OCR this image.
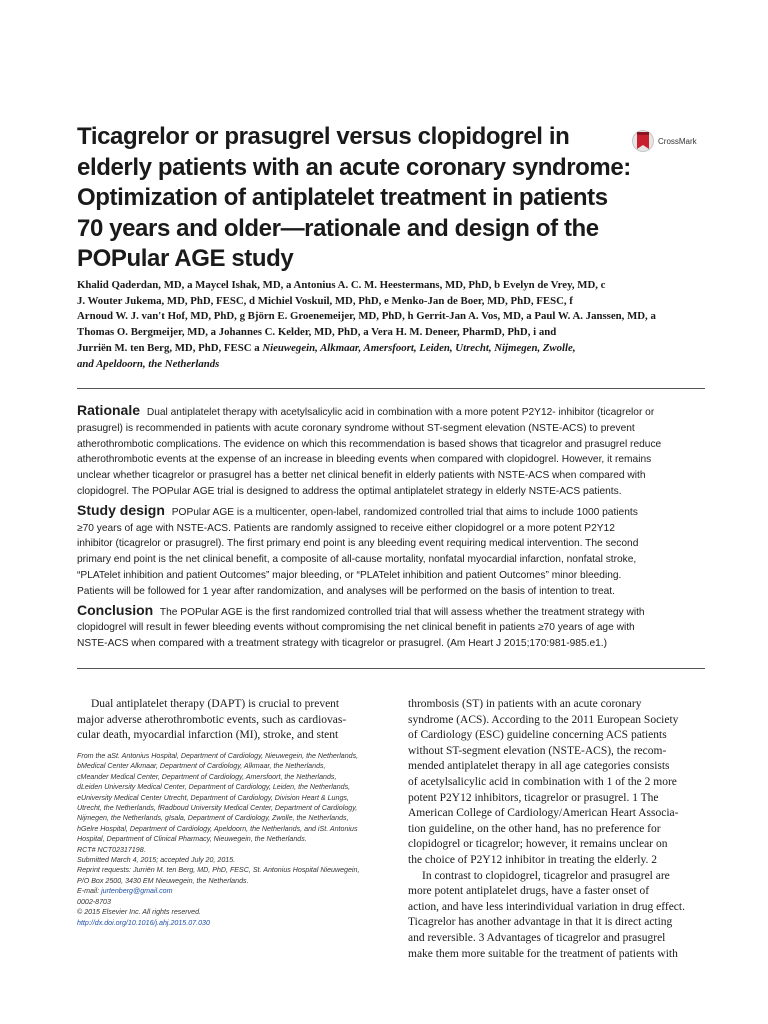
Ticagrelor or prasugrel versus clopidogrel in
elderly patients with an acute coronary syndrome:
Optimization of antiplatelet treatment in patients
70 years and older—rationale and design of the
POPular AGE study
CrossMark
Khalid Qaderdan, MD, a Maycel Ishak, MD, a Antonius A. C. M. Heestermans, MD, PhD, b Evelyn de Vrey, MD, c
J. Wouter Jukema, MD, PhD, FESC, d Michiel Voskuil, MD, PhD, e Menko-Jan de Boer, MD, PhD, FESC, f
Arnoud W. J. van't Hof, MD, PhD, g Björn E. Groenemeijer, MD, PhD, h Gerrit-Jan A. Vos, MD, a Paul W. A. Janssen, MD, a
Thomas O. Bergmeijer, MD, a Johannes C. Kelder, MD, PhD, a Vera H. M. Deneer, PharmD, PhD, i and
Jurriën M. ten Berg, MD, PhD, FESC a Nieuwegein, Alkmaar, Amersfoort, Leiden, Utrecht, Nijmegen, Zwolle,
and Apeldoorn, the Netherlands

Rationale Dual antiplatelet therapy with acetylsalicylic acid in combination with a more potent P2Y12- inhibitor (ticagrelor or
prasugrel) is recommended in patients with acute coronary syndrome without ST-segment elevation (NSTE-ACS) to prevent
atherothrombotic complications. The evidence on which this recommendation is based shows that ticagrelor and prasugrel reduce
atherothrombotic events at the expense of an increase in bleeding events when compared with clopidogrel. However, it remains
unclear whether ticagrelor or prasugrel has a better net clinical benefit in elderly patients with NSTE-ACS when compared with
clopidogrel. The POPular AGE trial is designed to address the optimal antiplatelet strategy in elderly NSTE-ACS patients.

Study design POPular AGE is a multicenter, open-label, randomized controlled trial that aims to include 1000 patients
≥70 years of age with NSTE-ACS. Patients are randomly assigned to receive either clopidogrel or a more potent P2Y12
inhibitor (ticagrelor or prasugrel). The first primary end point is any bleeding event requiring medical intervention. The second
primary end point is the net clinical benefit, a composite of all-cause mortality, nonfatal myocardial infarction, nonfatal stroke,
“PLATelet inhibition and patient Outcomes” major bleeding, or “PLATelet inhibition and patient Outcomes” minor bleeding.
Patients will be followed for 1 year after randomization, and analyses will be performed on the basis of intention to treat.

Conclusion The POPular AGE is the first randomized controlled trial that will assess whether the treatment strategy with
clopidogrel will result in fewer bleeding events without compromising the net clinical benefit in patients ≥70 years of age with
NSTE-ACS when compared with a treatment strategy with ticagrelor or prasugrel. (Am Heart J 2015;170:981-985.e1.)

Dual antiplatelet therapy (DAPT) is crucial to prevent
major adverse atherothrombotic events, such as cardiovas-
cular death, myocardial infarction (MI), stroke, and stent
From the aSt. Antonius Hospital, Department of Cardiology, Nieuwegein, the Netherlands,
bMedical Center Alkmaar, Department of Cardiology, Alkmaar, the Netherlands,
cMeander Medical Center, Department of Cardiology, Amersfoort, the Netherlands,
dLeiden University Medical Center, Department of Cardiology, Leiden, the Netherlands,
eUniversity Medical Center Utrecht, Department of Cardiology, Division Heart & Lungs,
Utrecht, the Netherlands, fRadboud University Medical Center, Department of Cardiology,
Nijmegen, the Netherlands, gIsala, Department of Cardiology, Zwolle, the Netherlands,
hGelre Hospital, Department of Cardiology, Apeldoorn, the Netherlands, and iSt. Antonius
Hospital, Department of Clinical Pharmacy, Nieuwegein, the Netherlands.
RCT# NCT02317198.
Submitted March 4, 2015; accepted July 20, 2015.
Reprint requests: Jurriën M. ten Berg, MD, PhD, FESC, St. Antonius Hospital Nieuwegein,
P/O Box 2500, 3430 EM Nieuwegein, the Netherlands.
E-mail: jurtenberg@gmail.com
0002-8703
© 2015 Elsevier Inc. All rights reserved.
http://dx.doi.org/10.1016/j.ahj.2015.07.030
thrombosis (ST) in patients with an acute coronary
syndrome (ACS). According to the 2011 European Society
of Cardiology (ESC) guideline concerning ACS patients
without ST-segment elevation (NSTE-ACS), the recom-
mended antiplatelet therapy in all age categories consists
of acetylsalicylic acid in combination with 1 of the 2 more
potent P2Y12 inhibitors, ticagrelor or prasugrel. 1 The
American College of Cardiology/American Heart Associa-
tion guideline, on the other hand, has no preference for
clopidogrel or ticagrelor; however, it remains unclear on
the choice of P2Y12 inhibitor in treating the elderly. 2
In contrast to clopidogrel, ticagrelor and prasugrel are
more potent antiplatelet drugs, have a faster onset of
action, and have less interindividual variation in drug effect.
Ticagrelor has another advantage in that it is direct acting
and reversible. 3 Advantages of ticagrelor and prasugrel
make them more suitable for the treatment of patients with
